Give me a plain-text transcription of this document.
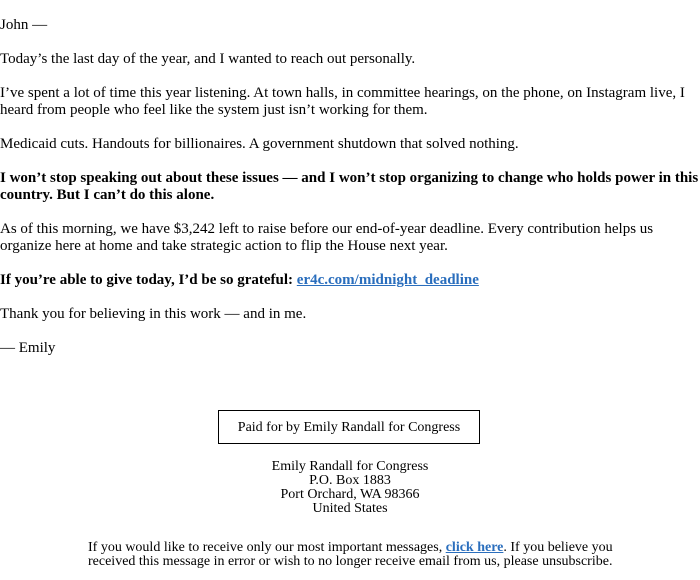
John —

Today’s the last day of the year, and I wanted to reach out personally.

I’ve spent a lot of time this year listening. At town halls, in committee hearings, on the phone, on Instagram live, I heard from people who feel like the system just isn’t working for them.

Medicaid cuts. Handouts for billionaires. A government shutdown that solved nothing.

I won’t stop speaking out about these issues — and I won’t stop organizing to change who holds power in this country. But I can’t do this alone.

As of this morning, we have $3,242 left to raise before our end-of-year deadline. Every contribution helps us organize here at home and take strategic action to flip the House next year.

If you’re able to give today, I’d be so grateful: er4c.com/midnight_deadline

Thank you for believing in this work — and in me.

— Emily

Paid for by Emily Randall for Congress
Emily Randall for Congress
P.O. Box 1883
Port Orchard, WA 98366
United States
If you would like to receive only our most important messages, click here. If you believe you received this message in error or wish to no longer receive email from us, please unsubscribe.
